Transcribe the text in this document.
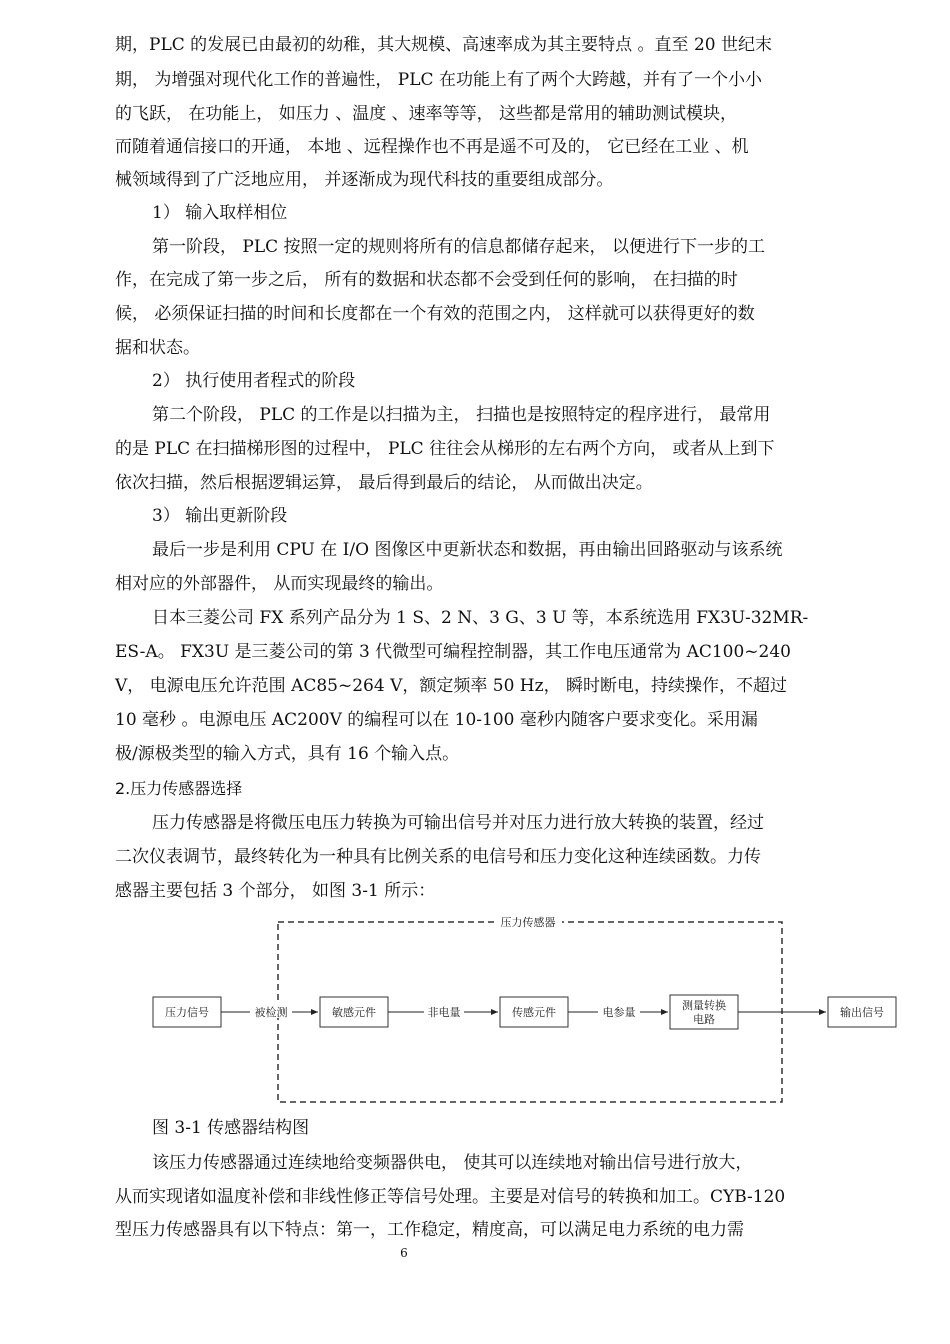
期，PLC 的发展已由最初的幼稚，其大规模、高速率成为其主要特点 。直至 20 世纪末
期， 为增强对现代化工作的普遍性， PLC 在功能上有了两个大跨越，并有了一个小小
的飞跃， 在功能上， 如压力 、温度 、速率等等， 这些都是常用的辅助测试模块，
而随着通信接口的开通， 本地 、远程操作也不再是遥不可及的， 它已经在工业 、机
械领域得到了广泛地应用， 并逐渐成为现代科技的重要组成部分。
1） 输入取样相位
第一阶段， PLC 按照一定的规则将所有的信息都储存起来， 以便进行下一步的工
作，在完成了第一步之后， 所有的数据和状态都不会受到任何的影响， 在扫描的时
候， 必须保证扫描的时间和长度都在一个有效的范围之内， 这样就可以获得更好的数
据和状态。
2） 执行使用者程式的阶段
第二个阶段， PLC 的工作是以扫描为主， 扫描也是按照特定的程序进行， 最常用
的是 PLC 在扫描梯形图的过程中， PLC 往往会从梯形的左右两个方向， 或者从上到下
依次扫描，然后根据逻辑运算， 最后得到最后的结论， 从而做出决定。
3） 输出更新阶段
最后一步是利用 CPU 在 I/O 图像区中更新状态和数据，再由输出回路驱动与该系统
相对应的外部器件， 从而实现最终的输出。
日本三菱公司 FX 系列产品分为 1 S、2 N、3 G、3 U 等，本系统选用 FX3U-32MR-
ES-A。 FX3U 是三菱公司的第 3 代微型可编程控制器，其工作电压通常为 AC100~240
V， 电源电压允许范围 AC85~264 V，额定频率 50 Hz， 瞬时断电，持续操作，不超过
10 毫秒 。电源电压 AC200V 的编程可以在 10-100 毫秒内随客户要求变化。采用漏
极/源极类型的输入方式，具有 16 个输入点。
2.压力传感器选择
压力传感器是将微压电压力转换为可输出信号并对压力进行放大转换的装置，经过
二次仪表调节，最终转化为一种具有比例关系的电信号和压力变化这种连续函数。力传
感器主要包括 3 个部分， 如图 3-1 所示：
压力传感器
压力信号	敏感元件	传感元件
测量转换
电路
输出信号
被检测	非电量	电参量
图 3-1 传感器结构图
该压力传感器通过连续地给变频器供电， 使其可以连续地对输出信号进行放大，
从而实现诸如温度补偿和非线性修正等信号处理。主要是对信号的转换和加工。CYB-120
型压力传感器具有以下特点：第一，工作稳定，精度高，可以满足电力系统的电力需
6
